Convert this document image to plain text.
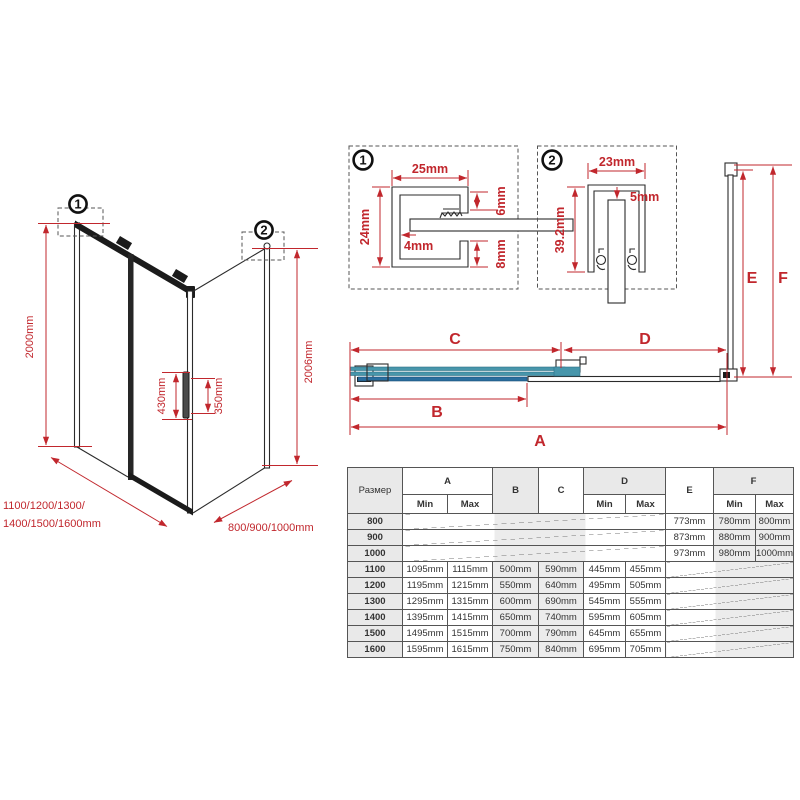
1
2
2000mm
2006mm
430mm	350mm
1100/1200/1300/
1400/1500/1600mm	800/900/1000mm
1
25mm
24mm
4mm
6mm
8mm
2	23mm
5mm
39.2mm
C	D
B
A
E F
Размер	A		B	C	D		E	F	
	Min	Max			Min	Max		Min	Max
800							773mm	780mm	800mm
900							873mm	880mm	900mm
1000							973mm	980mm	1000mm
1100	1095mm	1115mm	500mm	590mm	445mm	455mm			
1200	1195mm	1215mm	550mm	640mm	495mm	505mm			
1300	1295mm	1315mm	600mm	690mm	545mm	555mm			
1400	1395mm	1415mm	650mm	740mm	595mm	605mm			
1500	1495mm	1515mm	700mm	790mm	645mm	655mm			
1600	1595mm	1615mm	750mm	840mm	695mm	705mm			
